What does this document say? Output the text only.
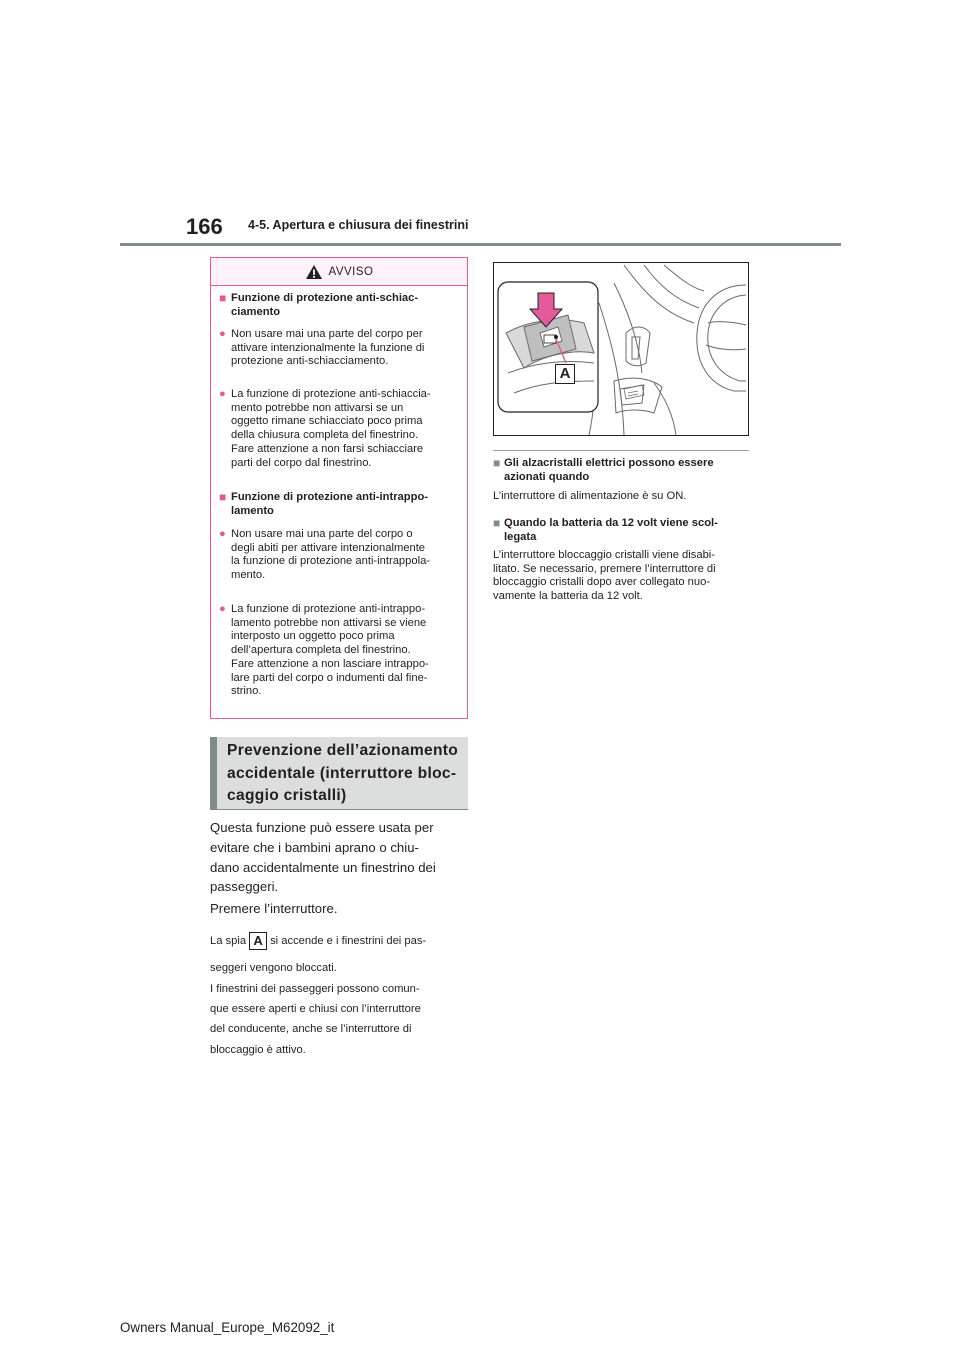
166 4-5. Apertura e chiusura dei finestrini
AVVISO
■ Funzione di protezione anti-schiac-
ciamento
● Non usare mai una parte del corpo per
attivare intenzionalmente la funzione di
protezione anti-schiacciamento.
● La funzione di protezione anti-schiaccia-
mento potrebbe non attivarsi se un
oggetto rimane schiacciato poco prima
della chiusura completa del finestrino.
Fare attenzione a non farsi schiacciare
parti del corpo dal finestrino.
■ Funzione di protezione anti-intrappo-
lamento
● Non usare mai una parte del corpo o
degli abiti per attivare intenzionalmente
la funzione di protezione anti-intrappola-
mento.
● La funzione di protezione anti-intrappo-
lamento potrebbe non attivarsi se viene
interposto un oggetto poco prima
dell’apertura completa del finestrino.
Fare attenzione a non lasciare intrappo-
lare parti del corpo o indumenti dal fine-
strino.
Prevenzione dell’azionamento
accidentale (interruttore bloc-
caggio cristalli)
Questa funzione può essere usata per
evitare che i bambini aprano o chiu-
dano accidentalmente un finestrino dei
passeggeri.
Premere l’interruttore.
La spia A si accende e i finestrini dei pas-
seggeri vengono bloccati.
I finestrini dei passeggeri possono comun-
que essere aperti e chiusi con l’interruttore
del conducente, anche se l’interruttore di
bloccaggio è attivo.
A
■ Gli alzacristalli elettrici possono essere
azionati quando
L’interruttore di alimentazione è su ON.
■ Quando la batteria da 12 volt viene scol-
legata
L’interruttore bloccaggio cristalli viene disabi-
litato. Se necessario, premere l’interruttore di
bloccaggio cristalli dopo aver collegato nuo-
vamente la batteria da 12 volt.
Owners Manual_Europe_M62092_it
